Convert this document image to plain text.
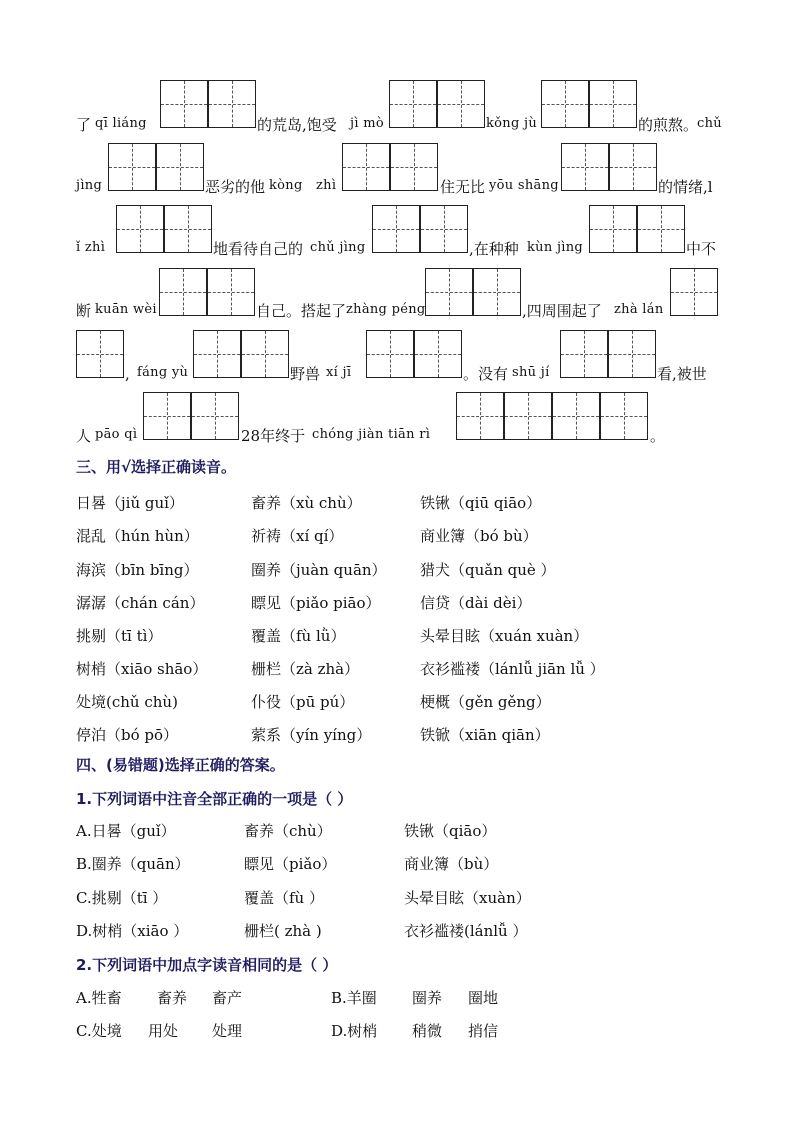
了 qī liáng	的荒岛,饱受 jì mò	kǒng jù	的煎熬。
chǔ
jìng	恶劣的他 kòng zhì	住无比 yōu shāng	的情绪,l
ǐ zhì	地看待自己的 chǔ jìng	,在种种 kùn jìng	中不
断 kuān wèi	自己。搭起了 zhàng péng	,四周围起了 zhà lán
, fáng yù	野兽 xí jī	。没有 shū jí	看,被世
人 pāo qì	28年终于 chóng jiàn tiān rì	。
三、用√选择正确读音。
日晷（jiǔ guǐ）	畜养（xù chù）	铁锹（qiū qiāo）
混乱（hún hùn）	祈祷（xí qí）	商业簿（bó bù）
海滨（bīn bīng）	圈养（juàn quān） 猎犬（quǎn què ）
潺潺（chán cán）	瞟见（piǎo piāo）	信贷（dài dèi）
挑剔（tī tì）	覆盖（fù lǜ）	头晕目眩（xuán xuàn）
树梢（xiāo shāo）	栅栏（zà zhà）	衣衫褴褛（lánlǚ jiān lǚ ）
处境(chǔ chù)	仆役（pū pú）	梗概（gěn gěng）
停泊（bó pō）	萦系（yín yíng）	铁锨（xiān qiān）
四、(易错题)选择正确的答案。
1.下列词语中注音全部正确的一项是（ ）
A.日晷（guǐ）	畜养（chù）	铁锹（qiāo）
B.圈养（quān）	瞟见（piǎo）	商业簿（bù）
C.挑剔（tī ）	覆盖（fù ）	头晕目眩（xuàn）
D.树梢（xiāo ）	栅栏( zhà )	衣衫褴褛(lánlǚ ）
2.下列词语中加点字读音相同的是（ ）
A.牲畜 畜养 畜产	B.羊圈 圈养 圈地
C.处境 用处 处理	D.树梢 稍微 捎信
